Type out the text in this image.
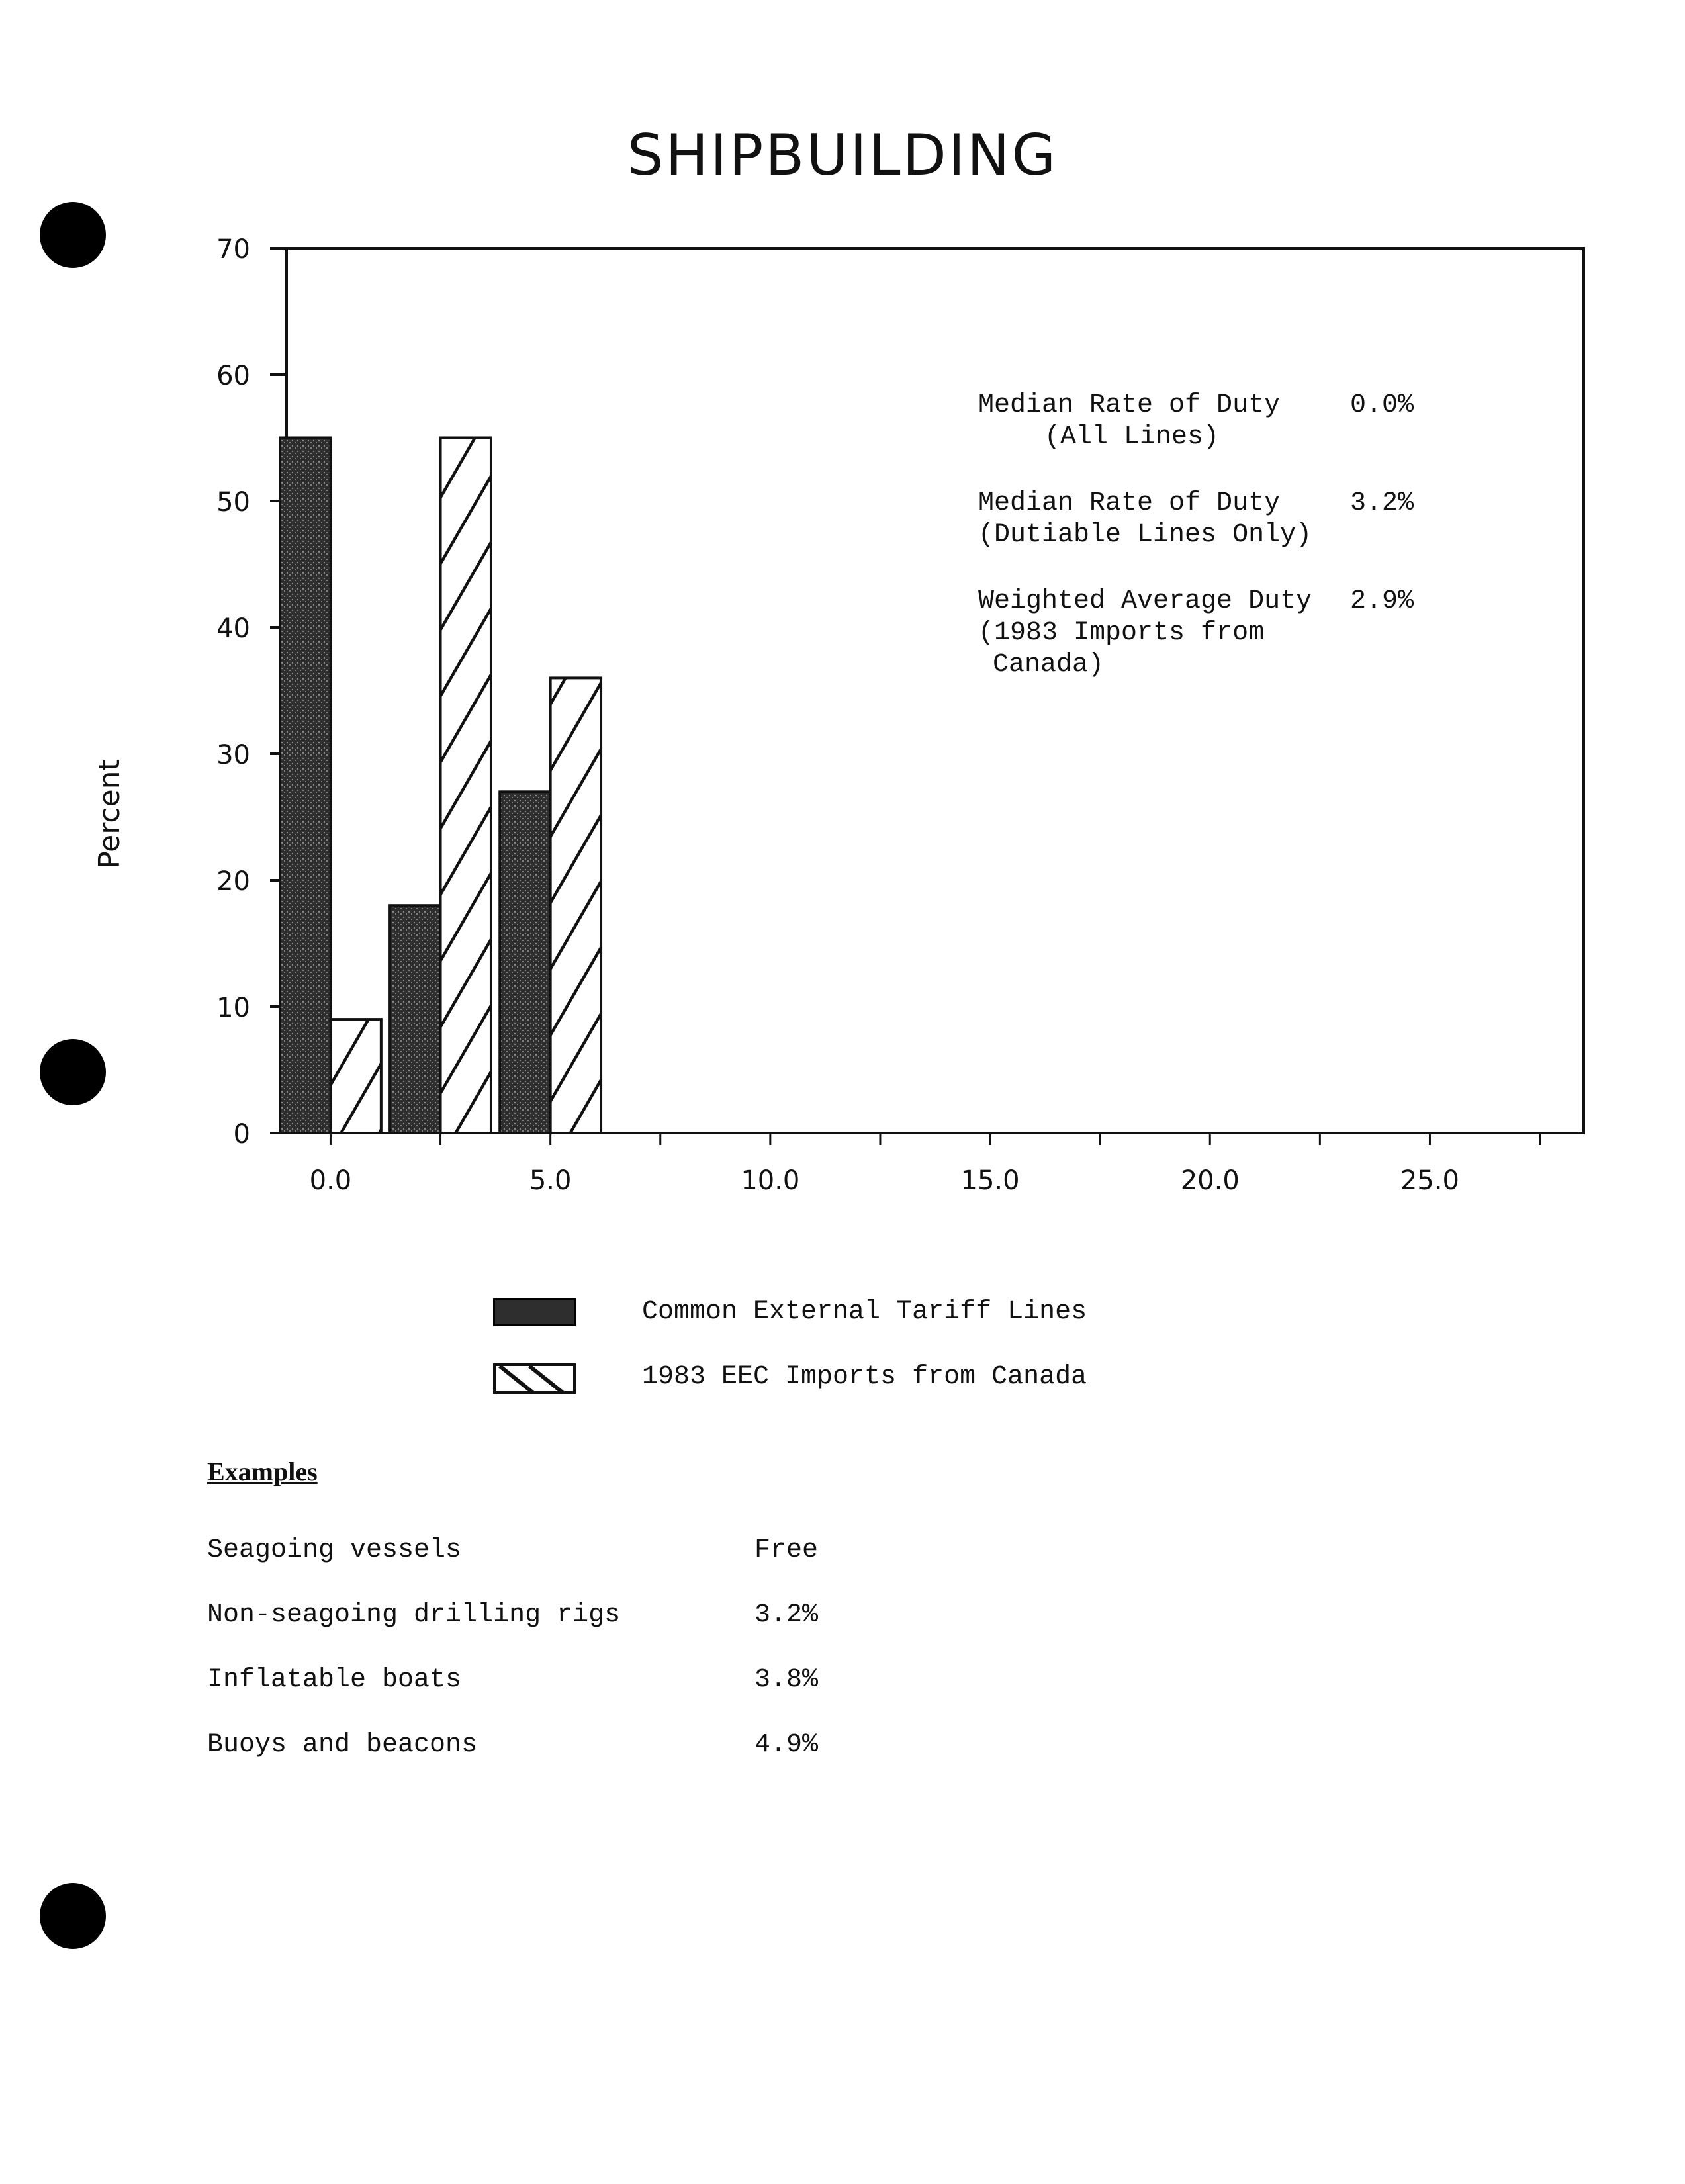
SHIPBUILDING
0
10
20
30
40
50
60
70
0.0	5.0	10.0	15.0	20.0	25.0
Percent
Median Rate of Duty	0.0%
(All Lines)
Median Rate of Duty	3.2%
(Dutiable Lines Only)
Weighted Average Duty 2.9%
(1983 Imports from
Canada)
Common External Tariff Lines
1983 EEC Imports from Canada
Examples
Seagoing vessels	Free
Non-seagoing drilling rigs	3.2%
Inflatable boats	3.8%
Buoys and beacons	4.9%
